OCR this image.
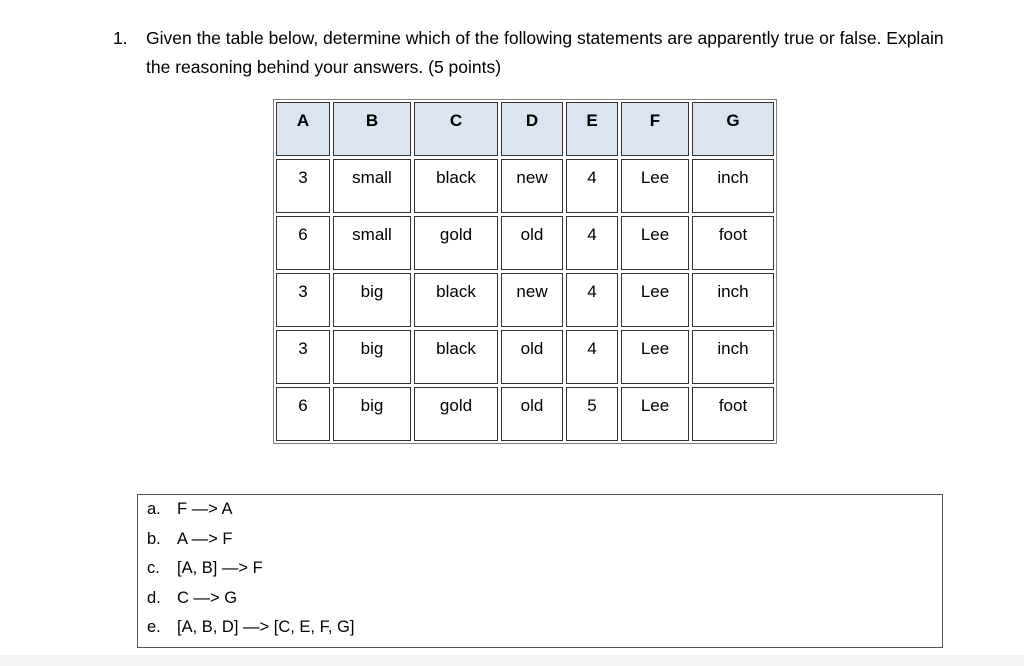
1. Given the table below, determine which of the following statements are apparently true or false. Explain the reasoning behind your answers. (5 points)
A	B	C	D	E	F	G
3	small	black	new	4	Lee	inch
6	small	gold	old	4	Lee	foot
3	big	black	new	4	Lee	inch
3	big	black	old	4	Lee	inch
6	big	gold	old	5	Lee	foot
a. F —> A
b. A —> F
c.	[A, B] —> F
d. C —> G
e. [A, B, D] —> [C, E, F, G]
